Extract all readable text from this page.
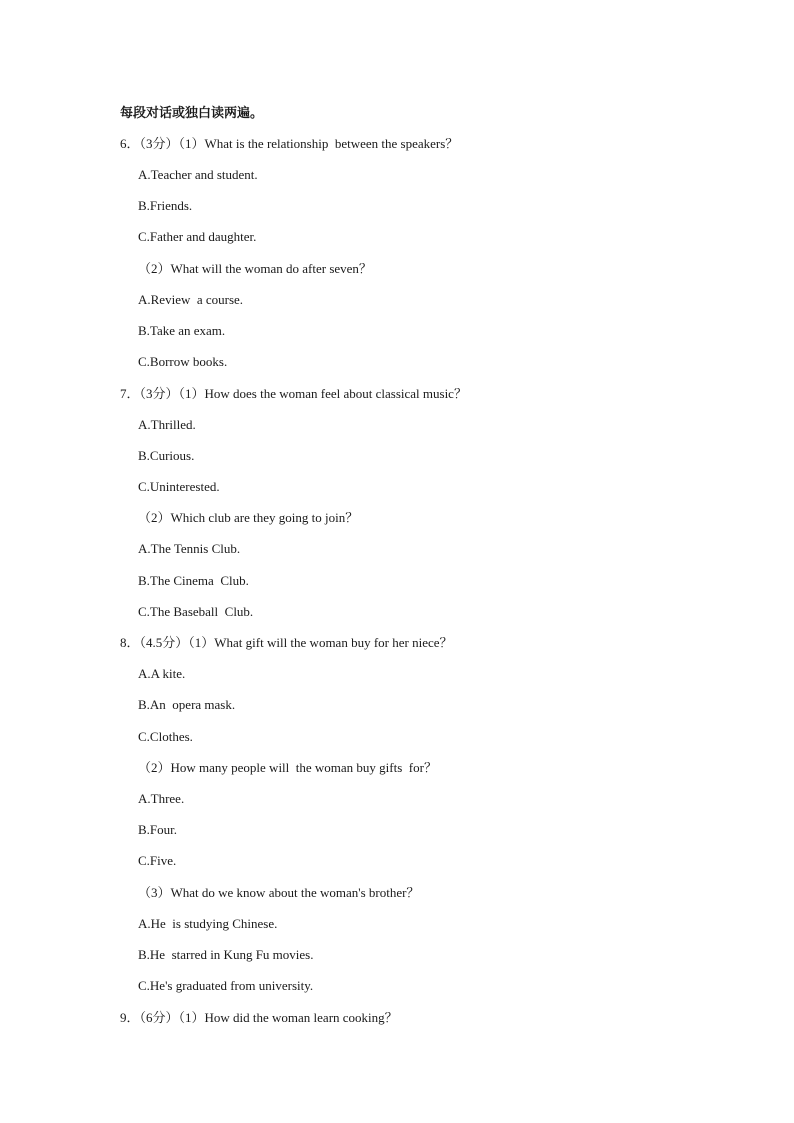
每段对话或独白读两遍。
6．（3分）（1）What is the relationship  between the speakers？
A.Teacher and student.
B.Friends.
C.Father and daughter.
（2）What will the woman do after seven？
A.Review  a course.
B.Take an exam.
C.Borrow books.
7．（3分）（1）How does the woman feel about classical music？
A.Thrilled.
B.Curious.
C.Uninterested.
（2）Which club are they going to join？
A.The Tennis Club.
B.The Cinema  Club.
C.The Baseball  Club.
8．（4.5分）（1）What gift will the woman buy for her niece？
A.A kite.
B.An  opera mask.
C.Clothes.
（2）How many people will  the woman buy gifts  for？
A.Three.
B.Four.
C.Five.
（3）What do we know about the woman's brother？
A.He  is studying Chinese.
B.He  starred in Kung Fu movies.
C.He's graduated from university.
9．（6分）（1）How did the woman learn cooking？
